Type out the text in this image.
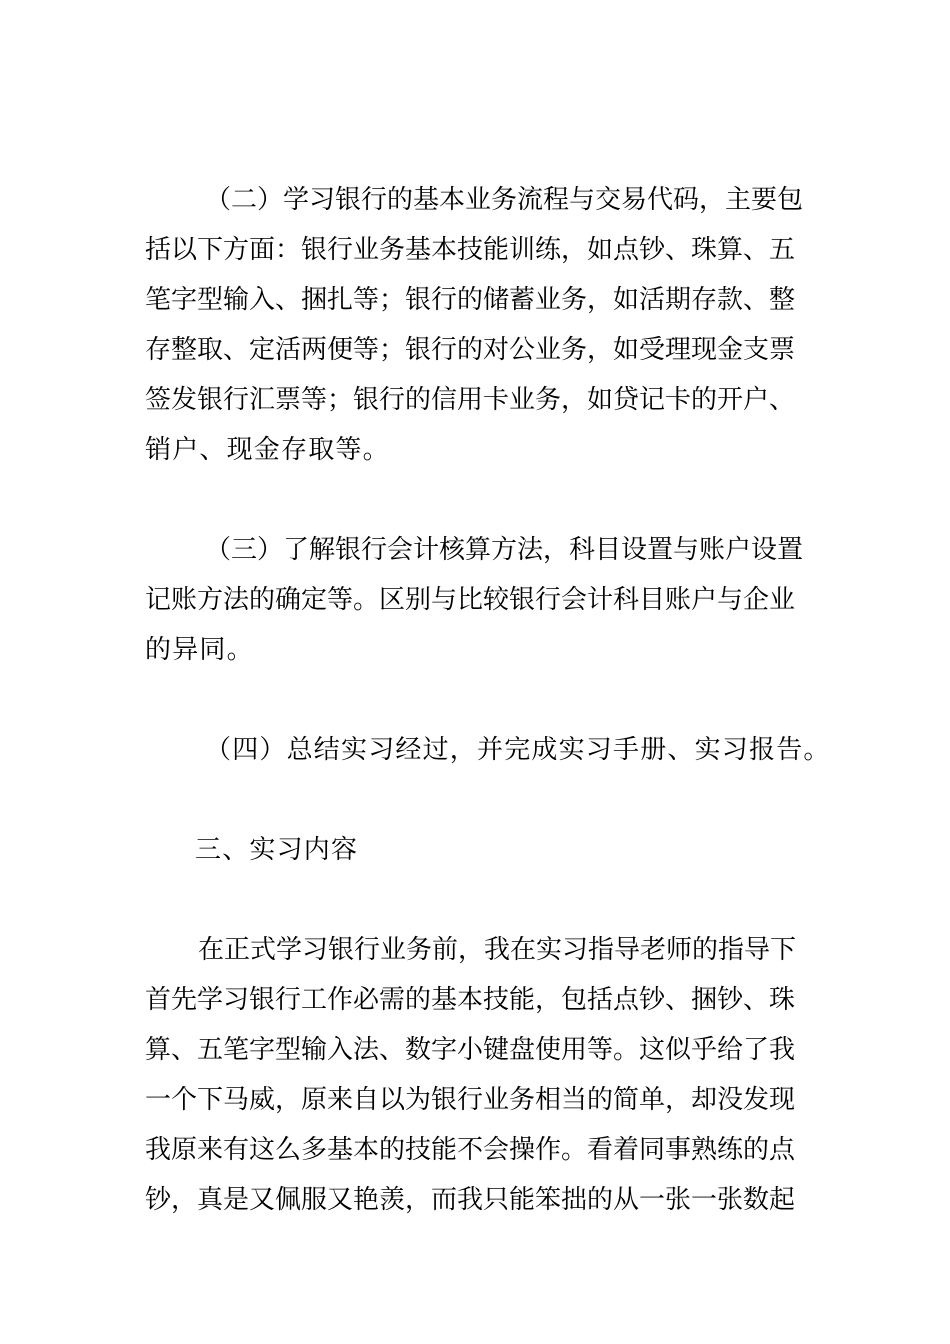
（二）学习银行的基本业务流程与交易代码，主要包
括以下方面：银行业务基本技能训练，如点钞、珠算、五
笔字型输入、捆扎等；银行的储蓄业务，如活期存款、整
存整取、定活两便等；银行的对公业务，如受理现金支票
签发银行汇票等；银行的信用卡业务，如贷记卡的开户、
销户、现金存取等。
（三）了解银行会计核算方法，科目设置与账户设置
记账方法的确定等。区别与比较银行会计科目账户与企业
的异同。
（四）总结实习经过，并完成实习手册、实习报告。
三、实习内容
在正式学习银行业务前，我在实习指导老师的指导下
首先学习银行工作必需的基本技能，包括点钞、捆钞、珠
算、五笔字型输入法、数字小键盘使用等。这似乎给了我
一个下马威，原来自以为银行业务相当的简单，却没发现
我原来有这么多基本的技能不会操作。看着同事熟练的点
钞，真是又佩服又艳羡，而我只能笨拙的从一张一张数起
